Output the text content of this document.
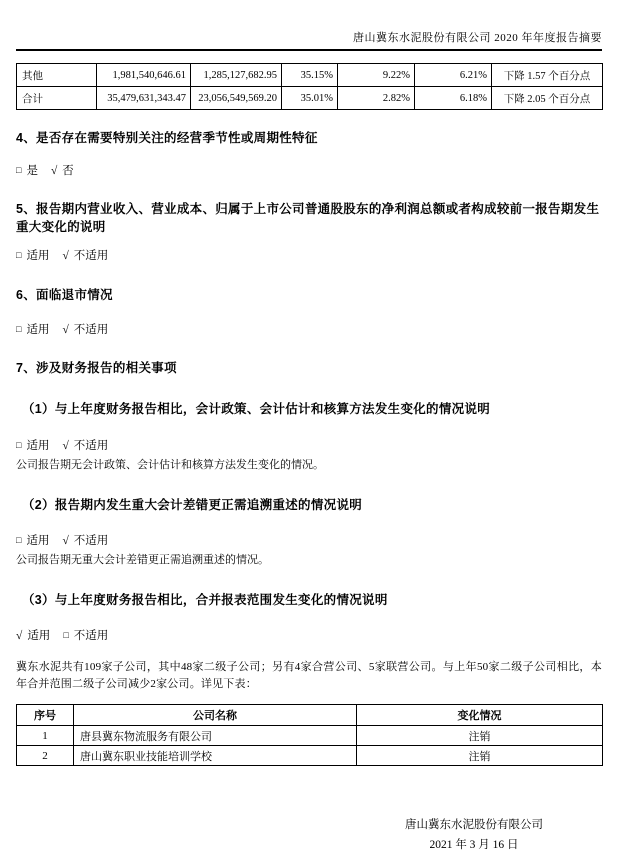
唐山冀东水泥股份有限公司 2020 年年度报告摘要
其他	1,981,540,646.61	1,285,127,682.95	35.15%	9.22%	6.21%	下降 1.57 个百分点
合计	35,479,631,343.47	23,056,549,569.20	35.01%	2.82%	6.18%	下降 2.05 个百分点
4、是否存在需要特别关注的经营季节性或周期性特征
□ 是 √ 否
5、报告期内营业收入、营业成本、归属于上市公司普通股股东的净利润总额或者构成较前一报告期发生重大变化的说明
□ 适用 √ 不适用
6、面临退市情况
□ 适用 √ 不适用
7、涉及财务报告的相关事项
（1）与上年度财务报告相比，会计政策、会计估计和核算方法发生变化的情况说明
□ 适用 √ 不适用
公司报告期无会计政策、会计估计和核算方法发生变化的情况。
（2）报告期内发生重大会计差错更正需追溯重述的情况说明
□ 适用 √ 不适用
公司报告期无重大会计差错更正需追溯重述的情况。
（3）与上年度财务报告相比，合并报表范围发生变化的情况说明
√ 适用 □ 不适用
冀东水泥共有109家子公司，其中48家二级子公司；另有4家合营公司、5家联营公司。与上年50家二级子公司相比，本年合并范围二级子公司减少2家公司。详见下表：
序号	公司名称	变化情况
1	唐县冀东物流服务有限公司	注销
2	唐山冀东职业技能培训学校	注销
唐山冀东水泥股份有限公司
2021 年 3 月 16 日
